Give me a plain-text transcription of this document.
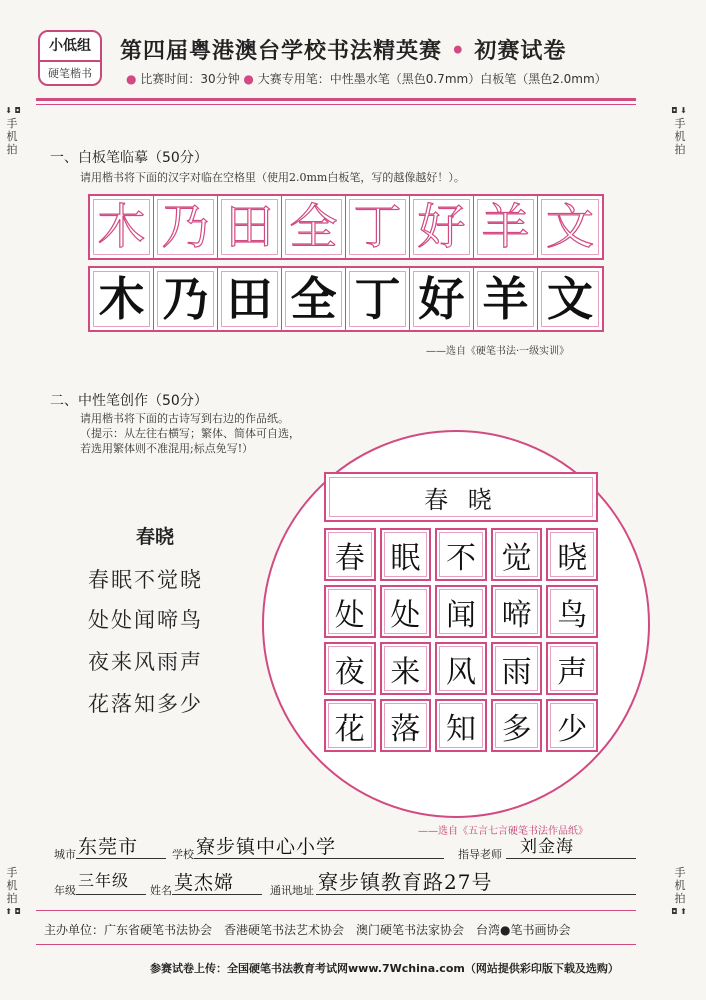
小低组
硬笔楷书
第四届粤港澳台学校书法精英赛 • 初赛试卷
● 比赛时间：30分钟 ● 大赛专用笔：中性墨水笔（黑色0.7mm）白板笔（黑色2.0mm）
⬇ ◘
手机拍
◘ ⬇
手机拍
手机拍
⬆ ◘
手机拍
◘ ⬆
一、白板笔临摹（50分）
请用楷书将下面的汉字对临在空格里（使用2.0mm白板笔，写的越像越好！）。
木 乃 田 全 丁 好 羊 文
木 乃 田 全 丁 好 羊 文
——选自《硬笔书法·一级实训》
二、中性笔创作（50分）
请用楷书将下面的古诗写到右边的作品纸。
（提示：从左往右横写；繁体、简体可自选，
若选用繁体则不准混用;标点免写!）
春晓
春眠不觉晓
处处闻啼鸟
夜来风雨声
花落知多少
春 晓
春 眠 不 觉 晓
处 处 闻 啼 鸟
夜 来 风 雨 声
花 落 知 多 少
——选自《五言七言硬笔书法作品纸》
城市 东莞市	学校 寮步镇中心小学	指导老师 刘金海
年级
三年级
姓名 莫杰嫦	通讯地址 寮步镇教育路27号
主办单位：广东省硬笔书法协会　香港硬笔书法艺术协会　澳门硬笔书法家协会　台湾●笔书画协会
参赛试卷上传：全国硬笔书法教育考试网www.7Wchina.com（网站提供彩印版下载及选购）
